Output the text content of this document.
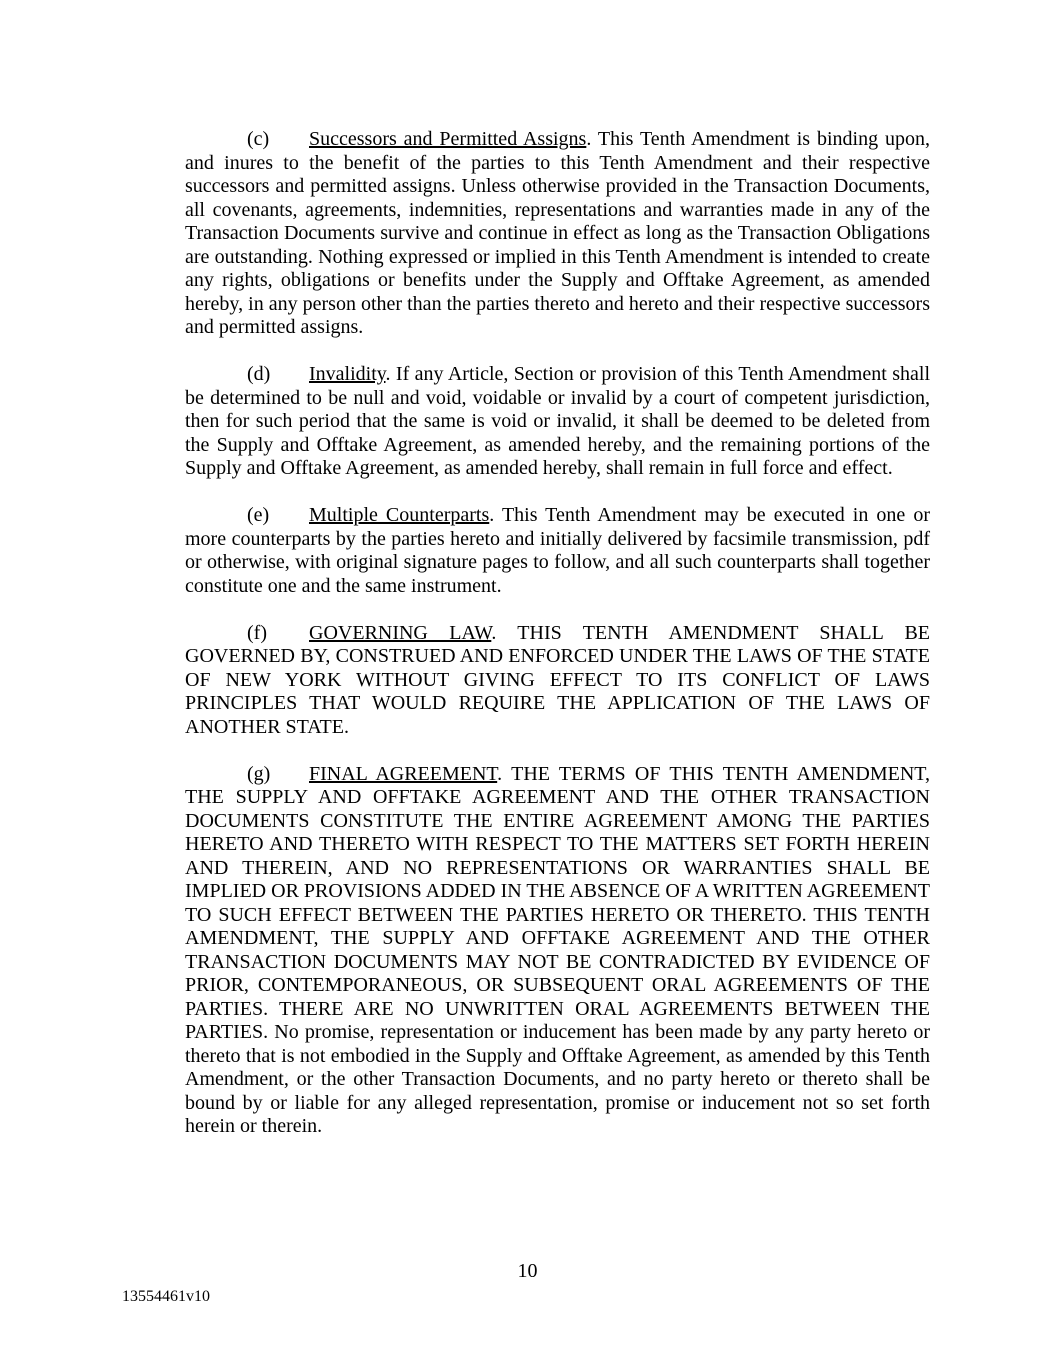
(c) Successors and Permitted Assigns. This Tenth Amendment is binding upon, and inures to the benefit of the parties to this Tenth Amendment and their respective successors and permitted assigns. Unless otherwise provided in the Transaction Documents, all covenants, agreements, indemnities, representations and warranties made in any of the Transaction Documents survive and continue in effect as long as the Transaction Obligations are outstanding. Nothing expressed or implied in this Tenth Amendment is intended to create any rights, obligations or benefits under the Supply and Offtake Agreement, as amended hereby, in any person other than the parties thereto and hereto and their respective successors and permitted assigns.

(d) Invalidity. If any Article, Section or provision of this Tenth Amendment shall be determined to be null and void, voidable or invalid by a court of competent jurisdiction, then for such period that the same is void or invalid, it shall be deemed to be deleted from the Supply and Offtake Agreement, as amended hereby, and the remaining portions of the Supply and Offtake Agreement, as amended hereby, shall remain in full force and effect.

(e) Multiple Counterparts. This Tenth Amendment may be executed in one or more counterparts by the parties hereto and initially delivered by facsimile transmission, pdf or otherwise, with original signature pages to follow, and all such counterparts shall together constitute one and the same instrument.

(f) GOVERNING LAW. THIS TENTH AMENDMENT SHALL BE GOVERNED BY, CONSTRUED AND ENFORCED UNDER THE LAWS OF THE STATE OF NEW YORK WITHOUT GIVING EFFECT TO ITS CONFLICT OF LAWS PRINCIPLES THAT WOULD REQUIRE THE APPLICATION OF THE LAWS OF ANOTHER STATE.

(g) FINAL AGREEMENT. THE TERMS OF THIS TENTH AMENDMENT, THE SUPPLY AND OFFTAKE AGREEMENT AND THE OTHER TRANSACTION DOCUMENTS CONSTITUTE THE ENTIRE AGREEMENT AMONG THE PARTIES HERETO AND THERETO WITH RESPECT TO THE MATTERS SET FORTH HEREIN AND THEREIN, AND NO REPRESENTATIONS OR WARRANTIES SHALL BE IMPLIED OR PROVISIONS ADDED IN THE ABSENCE OF A WRITTEN AGREEMENT TO SUCH EFFECT BETWEEN THE PARTIES HERETO OR THERETO. THIS TENTH AMENDMENT, THE SUPPLY AND OFFTAKE AGREEMENT AND THE OTHER TRANSACTION DOCUMENTS MAY NOT BE CONTRADICTED BY EVIDENCE OF PRIOR, CONTEMPORANEOUS, OR SUBSEQUENT ORAL AGREEMENTS OF THE PARTIES. THERE ARE NO UNWRITTEN ORAL AGREEMENTS BETWEEN THE PARTIES. No promise, representation or inducement has been made by any party hereto or thereto that is not embodied in the Supply and Offtake Agreement, as amended by this Tenth Amendment, or the other Transaction Documents, and no party hereto or thereto shall be bound by or liable for any alleged representation, promise or inducement not so set forth herein or therein.

10
13554461v10
